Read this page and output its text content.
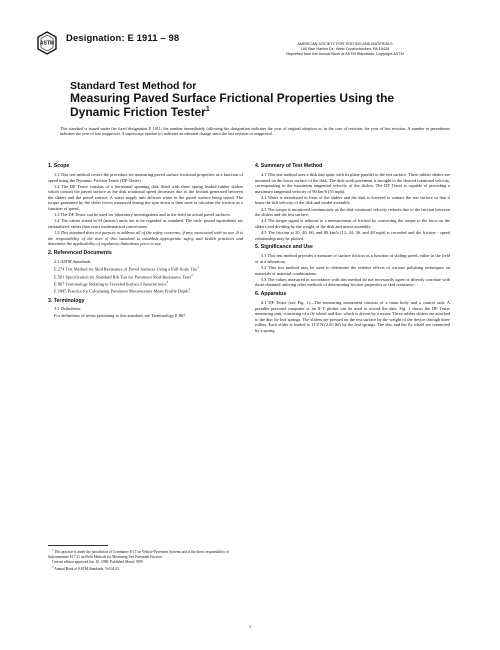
ASTM Designation: E 1911 – 98	AMERICAN SOCIETY FOR TESTING AND MATERIALS
100 Barr Harbor Dr., West Conshohocken, PA 19428
Reprinted from the Annual Book of ASTM Standards. Copyright ASTM
Standard Test Method for
Measuring Paved Surface Frictional Properties Using the
Dynamic Friction Tester$^1$
This standard is issued under the fixed designation E 1911; the number immediately following the designation indicates the year of original adoption or, in the case of revision, the year of last revision. A number in parentheses indicates the year of last reapproval. A superscript epsilon (ε) indicates an editorial change since the last revision or reapproval.
1. Scope

1.1 This test method covers the procedure for measuring paved surface frictional properties as a function of speed using the Dynamic Friction Tester (DF-Tester).

1.2 The DF Tester consists of a horizontal spinning disk fitted with three spring loaded rubber sliders which contact the paved surface as the disk rotational speed decreases due to the friction generated between the sliders and the paved surface. A water supply unit delivers water to the paved surface being tested. The torque generated by the slider forces measured during the spin down is then used to calculate the friction as a function of speed.

1.3 The DF Tester can be used for laboratory investigations and in the field on actual paved surfaces.

1.4 The values stated in SI (metric) units are to be regarded as standard. The inch- pound equivalents are rationalized, rather than exact mathematical conversions.

1.5 This standard does not purport to address all of the safety concerns, if any, associated with its use. It is the responsibility of the user of this standard to establish appropriate safety and health practices and determine the applicability of regulatory limitations prior to use.

2. Referenced Documents

2.1 ASTM Standards:

E 274 Test Method for Skid Resistance of Paved Surfaces Using a Full-Scale Tire$^2$
E 501 Specification for Standard Rib Tire for Pavement Skid-Resistance Tests$^2$
E 867 Terminology Relating to Traveled Surface Characteristics$^2$
E 1845 Practice for Calculating Pavement Macrotexture Mean Profile Depth$^2$
3. Terminology

3.1 Definitions:

For definitions of terms pertaining to this standard, see Terminology E 867.

$^1$ This practice is under the jurisdiction of Committee E-17 on Vehicle-Pavement Systems and is the direct responsibility of Subcommittee E17.21 on Field Methods for Measuring Tire Pavement Friction.
Current edition approved Jan. 10, 1998. Published March 1999.
$^2$ Annual Book of ASTM Standards, Vol 04.03.
4. Summary of Test Method

4.1 This test method uses a disk that spins with its plane parallel to the test surface. Three rubber sliders are mounted on the lower surface of the disk. The disk work pavement is brought to the desired rotational velocity, corresponding to the maximum tangential velocity of the sliders. The DF Tester is capable of providing a maximum tangential velocity of 90 km/h (55 mph).

4.2 Water is introduced in front of the sliders and the disk is lowered to contact the test surface so that it bears the full velocity of the disk and model assembly.

4.3 The torque is monitored continuously as the disk rotational velocity reduces due to the friction between the sliders and the test surface.

4.4 The torque signal is reduced to a measurement of friction by converting the torque to the force on the sliders and dividing by the weight of the disk and motor assembly.

4.5 The friction at 20, 40, 60, and 80 km/h (12, 24, 36, and 48 mph) is recorded and the friction - speed relationship may be plotted.

5. Significance and Use

5.1 This test method provides a measure of surface friction as a function of sliding speed, either in the field or in a laboratory.

5.2 This test method may be used to determine the relative effects of various polishing techniques on materials or material combinations.

5.3 The values measured in accordance with this method do not necessarily agree or directly correlate with those obtained utilizing other methods of determining friction properties or skid resistance.

6. Apparatus

6.1 DF Tester (see Fig. 1)—The measuring instrument consists of a main body and a control unit. A portable personal computer or an X-Y plotter can be used to record the data. Fig. 1 shows the DF Tester measuring unit, consisting of a fly wheel and disc which is driven by a motor. Three rubber sliders are attached to the disc by leaf springs. The sliders are pressed on the test surface by the weight of the device through three rollers. Each slider is loaded to 11.8 N (2.65 lbf) by the leaf springs. The disc and the fly wheel are connected by a spring

1
